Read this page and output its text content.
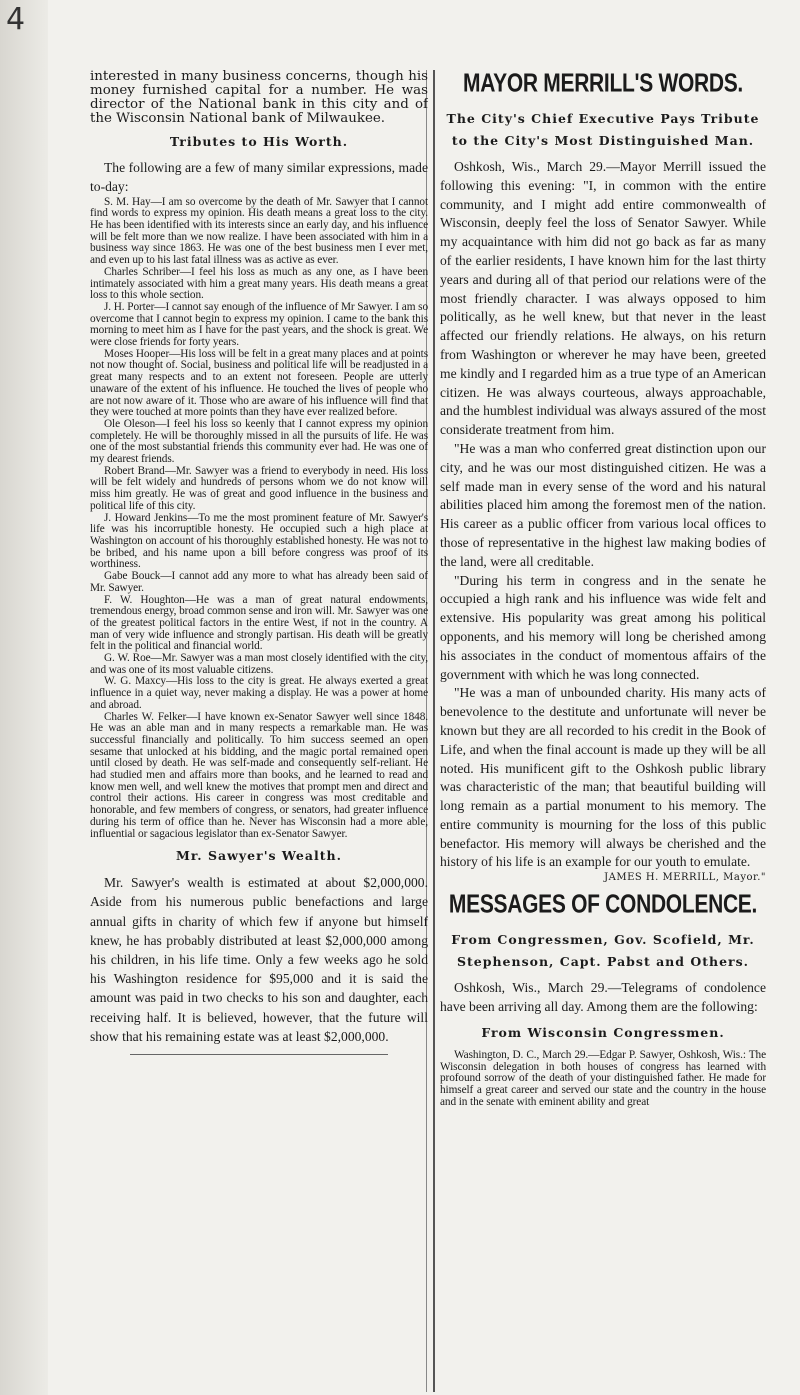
4

interested in many business concerns, though his money furnished capital for a number. He was director of the National bank in this city and of the Wisconsin National bank of Milwaukee.

Tributes to His Worth.

The following are a few of many similar expressions, made to-day:

S. M. Hay—I am so overcome by the death of Mr. Sawyer that I cannot find words to express my opinion. His death means a great loss to the city. He has been identified with its interests since an early day, and his influence will be felt more than we now realize. I have been associated with him in a business way since 1863. He was one of the best business men I ever met, and even up to his last fatal illness was as active as ever.

Charles Schriber—I feel his loss as much as any one, as I have been intimately associated with him a great many years. His death means a great loss to this whole section.

J. H. Porter—I cannot say enough of the influence of Mr Sawyer. I am so overcome that I cannot begin to express my opinion. I came to the bank this morning to meet him as I have for the past years, and the shock is great. We were close friends for forty years.

Moses Hooper—His loss will be felt in a great many places and at points not now thought of. Social, business and political life will be readjusted in a great many respects and to an extent not foreseen. People are utterly unaware of the extent of his influence. He touched the lives of people who are not now aware of it. Those who are aware of his influence will find that they were touched at more points than they have ever realized before.

Ole Oleson—I feel his loss so keenly that I cannot express my opinion completely. He will be thoroughly missed in all the pursuits of life. He was one of the most substantial friends this community ever had. He was one of my dearest friends.

Robert Brand—Mr. Sawyer was a friend to everybody in need. His loss will be felt widely and hundreds of persons whom we do not know will miss him greatly. He was of great and good influence in the business and political life of this city.

J. Howard Jenkins—To me the most prominent feature of Mr. Sawyer's life was his incorruptible honesty. He occupied such a high place at Washington on account of his thoroughly established honesty. He was not to be bribed, and his name upon a bill before congress was proof of its worthiness.

Gabe Bouck—I cannot add any more to what has already been said of Mr. Sawyer.

F. W. Houghton—He was a man of great natural endowments, tremendous energy, broad common sense and iron will. Mr. Sawyer was one of the greatest political factors in the entire West, if not in the country. A man of very wide influence and strongly partisan. His death will be greatly felt in the political and financial world.

G. W. Roe—Mr. Sawyer was a man most closely identified with the city, and was one of its most valuable citizens.

W. G. Maxcy—His loss to the city is great. He always exerted a great influence in a quiet way, never making a display. He was a power at home and abroad.

Charles W. Felker—I have known ex-Senator Sawyer well since 1848. He was an able man and in many respects a remarkable man. He was successful financially and politically. To him success seemed an open sesame that unlocked at his bidding, and the magic portal remained open until closed by death. He was self-made and consequently self-reliant. He had studied men and affairs more than books, and he learned to read and know men well, and well knew the motives that prompt men and direct and control their actions. His career in congress was most creditable and honorable, and few members of congress, or senators, had greater influence during his term of office than he. Never has Wisconsin had a more able, influential or sagacious legislator than ex-Senator Sawyer.

Mr. Sawyer's Wealth.

Mr. Sawyer's wealth is estimated at about $2,000,000. Aside from his numerous public benefactions and large annual gifts in charity of which few if anyone but himself knew, he has probably distributed at least $2,000,000 among his children, in his life time. Only a few weeks ago he sold his Washington residence for $95,000 and it is said the amount was paid in two checks to his son and daughter, each receiving half. It is believed, however, that the future will show that his remaining estate was at least $2,000,000.

MAYOR MERRILL'S WORDS.
The City's Chief Executive Pays Tribute to the City's Most Distinguished Man.

Oshkosh, Wis., March 29.—Mayor Merrill issued the following this evening: "I, in common with the entire community, and I might add entire commonwealth of Wisconsin, deeply feel the loss of Senator Sawyer. While my acquaintance with him did not go back as far as many of the earlier residents, I have known him for the last thirty years and during all of that period our relations were of the most friendly character. I was always opposed to him politically, as he well knew, but that never in the least affected our friendly relations. He always, on his return from Washington or wherever he may have been, greeted me kindly and I regarded him as a true type of an American citizen. He was always courteous, always approachable, and the humblest individual was always assured of the most considerate treatment from him.

"He was a man who conferred great distinction upon our city, and he was our most distinguished citizen. He was a self made man in every sense of the word and his natural abilities placed him among the foremost men of the nation. His career as a public officer from various local offices to those of representative in the highest law making bodies of the land, were all creditable.

"During his term in congress and in the senate he occupied a high rank and his influence was wide felt and extensive. His popularity was great among his political opponents, and his memory will long be cherished among his associates in the conduct of momentous affairs of the government with which he was long connected.

"He was a man of unbounded charity. His many acts of benevolence to the destitute and unfortunate will never be known but they are all recorded to his credit in the Book of Life, and when the final account is made up they will be all noted. His munificent gift to the Oshkosh public library was characteristic of the man; that beautiful building will long remain as a partial monument to his memory. The entire community is mourning for the loss of this public benefactor. His memory will always be cherished and the history of his life is an example for our youth to emulate.

JAMES H. MERRILL, Mayor."
MESSAGES OF CONDOLENCE.
From Congressmen, Gov. Scofield, Mr. Stephenson, Capt. Pabst and Others.

Oshkosh, Wis., March 29.—Telegrams of condolence have been arriving all day. Among them are the following:

From Wisconsin Congressmen.

Washington, D. C., March 29.—Edgar P. Sawyer, Oshkosh, Wis.: The Wisconsin delegation in both houses of congress has learned with profound sorrow of the death of your distinguished father. He made for himself a great career and served our state and the country in the house and in the senate with eminent ability and great
